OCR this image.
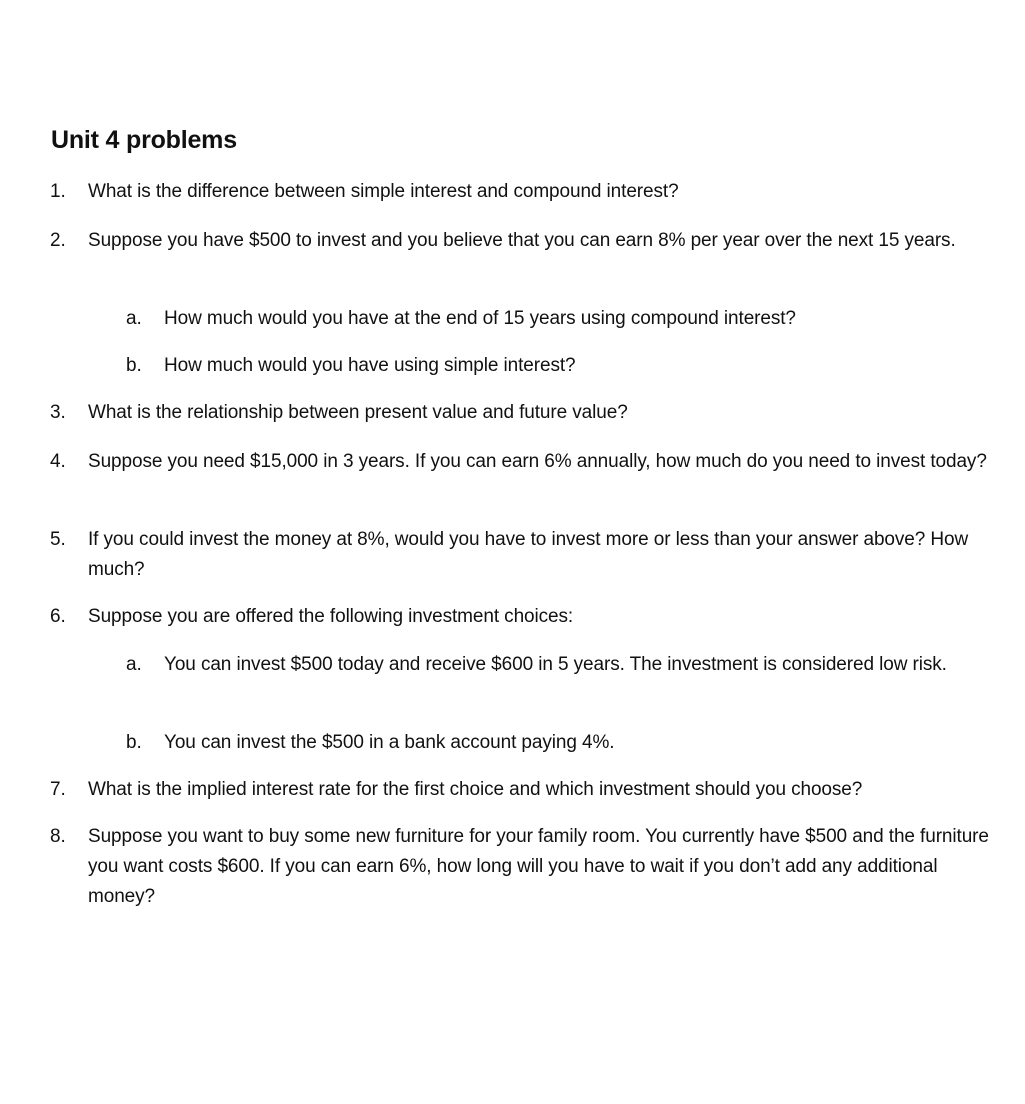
Unit 4 problems
1.	What is the difference between simple interest and compound interest?
2.	Suppose you have $500 to invest and you believe that you can earn 8% per year over the next 15 years.
a.	How much would you have at the end of 15 years using compound interest?
b.	How much would you have using simple interest?
3.	What is the relationship between present value and future value?
4.	Suppose you need $15,000 in 3 years. If you can earn 6% annually, how much do you need to invest today?
5.	If you could invest the money at 8%, would you have to invest more or less than your answer above? How much?
6.	Suppose you are offered the following investment choices:
a.	You can invest $500 today and receive $600 in 5 years. The investment is considered low risk.
b.	You can invest the $500 in a bank account paying 4%.
7.	What is the implied interest rate for the first choice and which investment should you choose?
8.	Suppose you want to buy some new furniture for your family room. You currently have $500 and the furniture you want costs $600. If you can earn 6%, how long will you have to wait if you don’t add any additional money?
